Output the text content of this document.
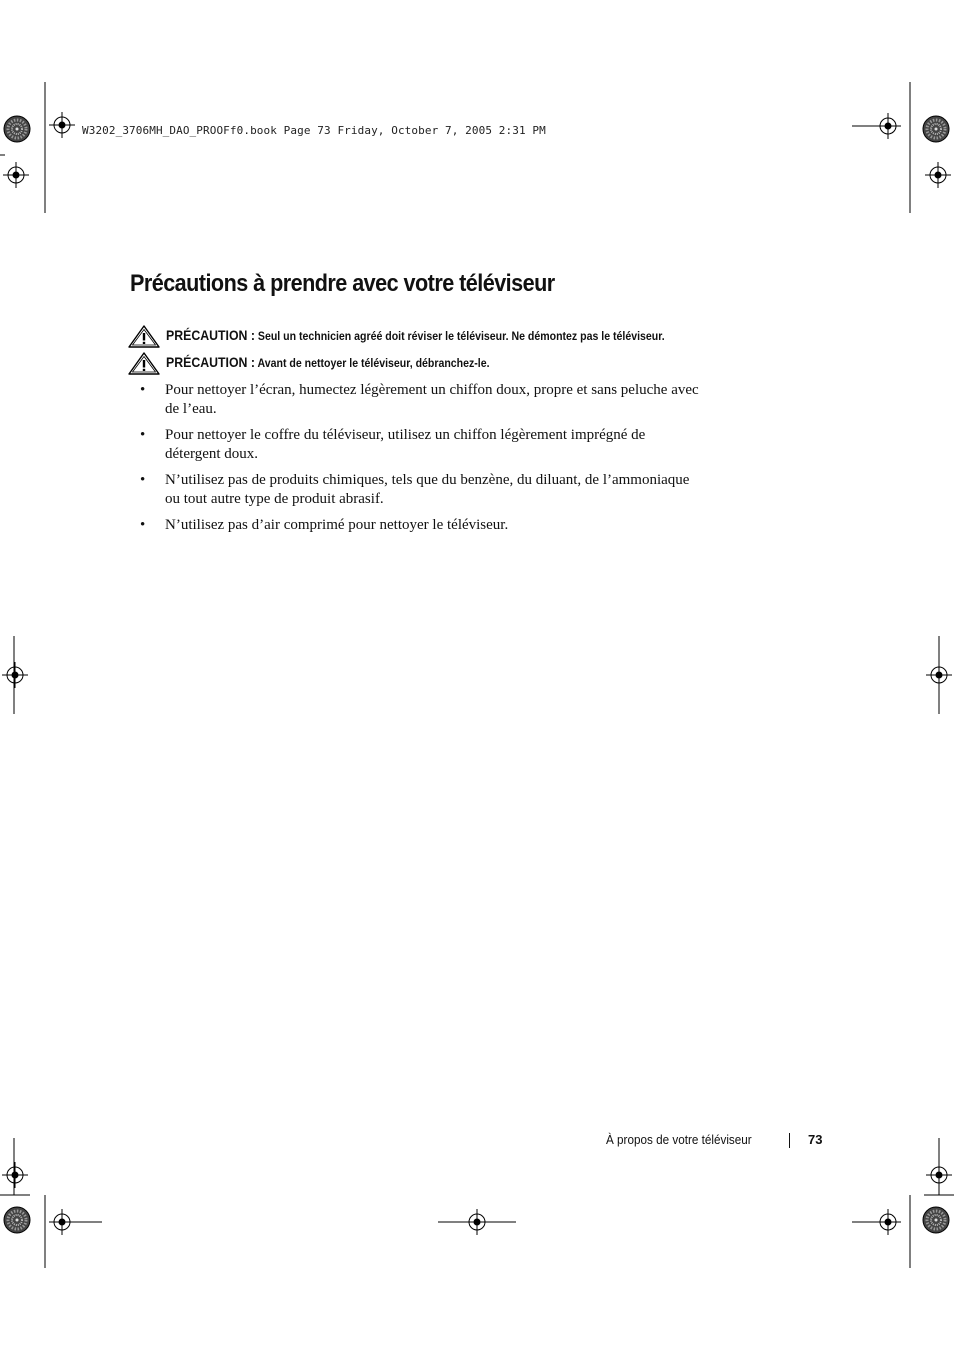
W3202_3706MH_DAO_PROOFf0.book Page 73 Friday, October 7, 2005 2:31 PM
Précautions à prendre avec votre téléviseur
PRÉCAUTION : Seul un technicien agréé doit réviser le téléviseur. Ne démontez pas le téléviseur.
PRÉCAUTION : Avant de nettoyer le téléviseur, débranchez-le.
• Pour nettoyer l’écran, humectez légèrement un chiffon doux, propre et sans peluche avec
de l’eau.
• Pour nettoyer le coffre du téléviseur, utilisez un chiffon légèrement imprégné de
détergent doux.
• N’utilisez pas de produits chimiques, tels que du benzène, du diluant, de l’ammoniaque
ou tout autre type de produit abrasif.
• N’utilisez pas d’air comprimé pour nettoyer le téléviseur.
À propos de votre téléviseur	73
